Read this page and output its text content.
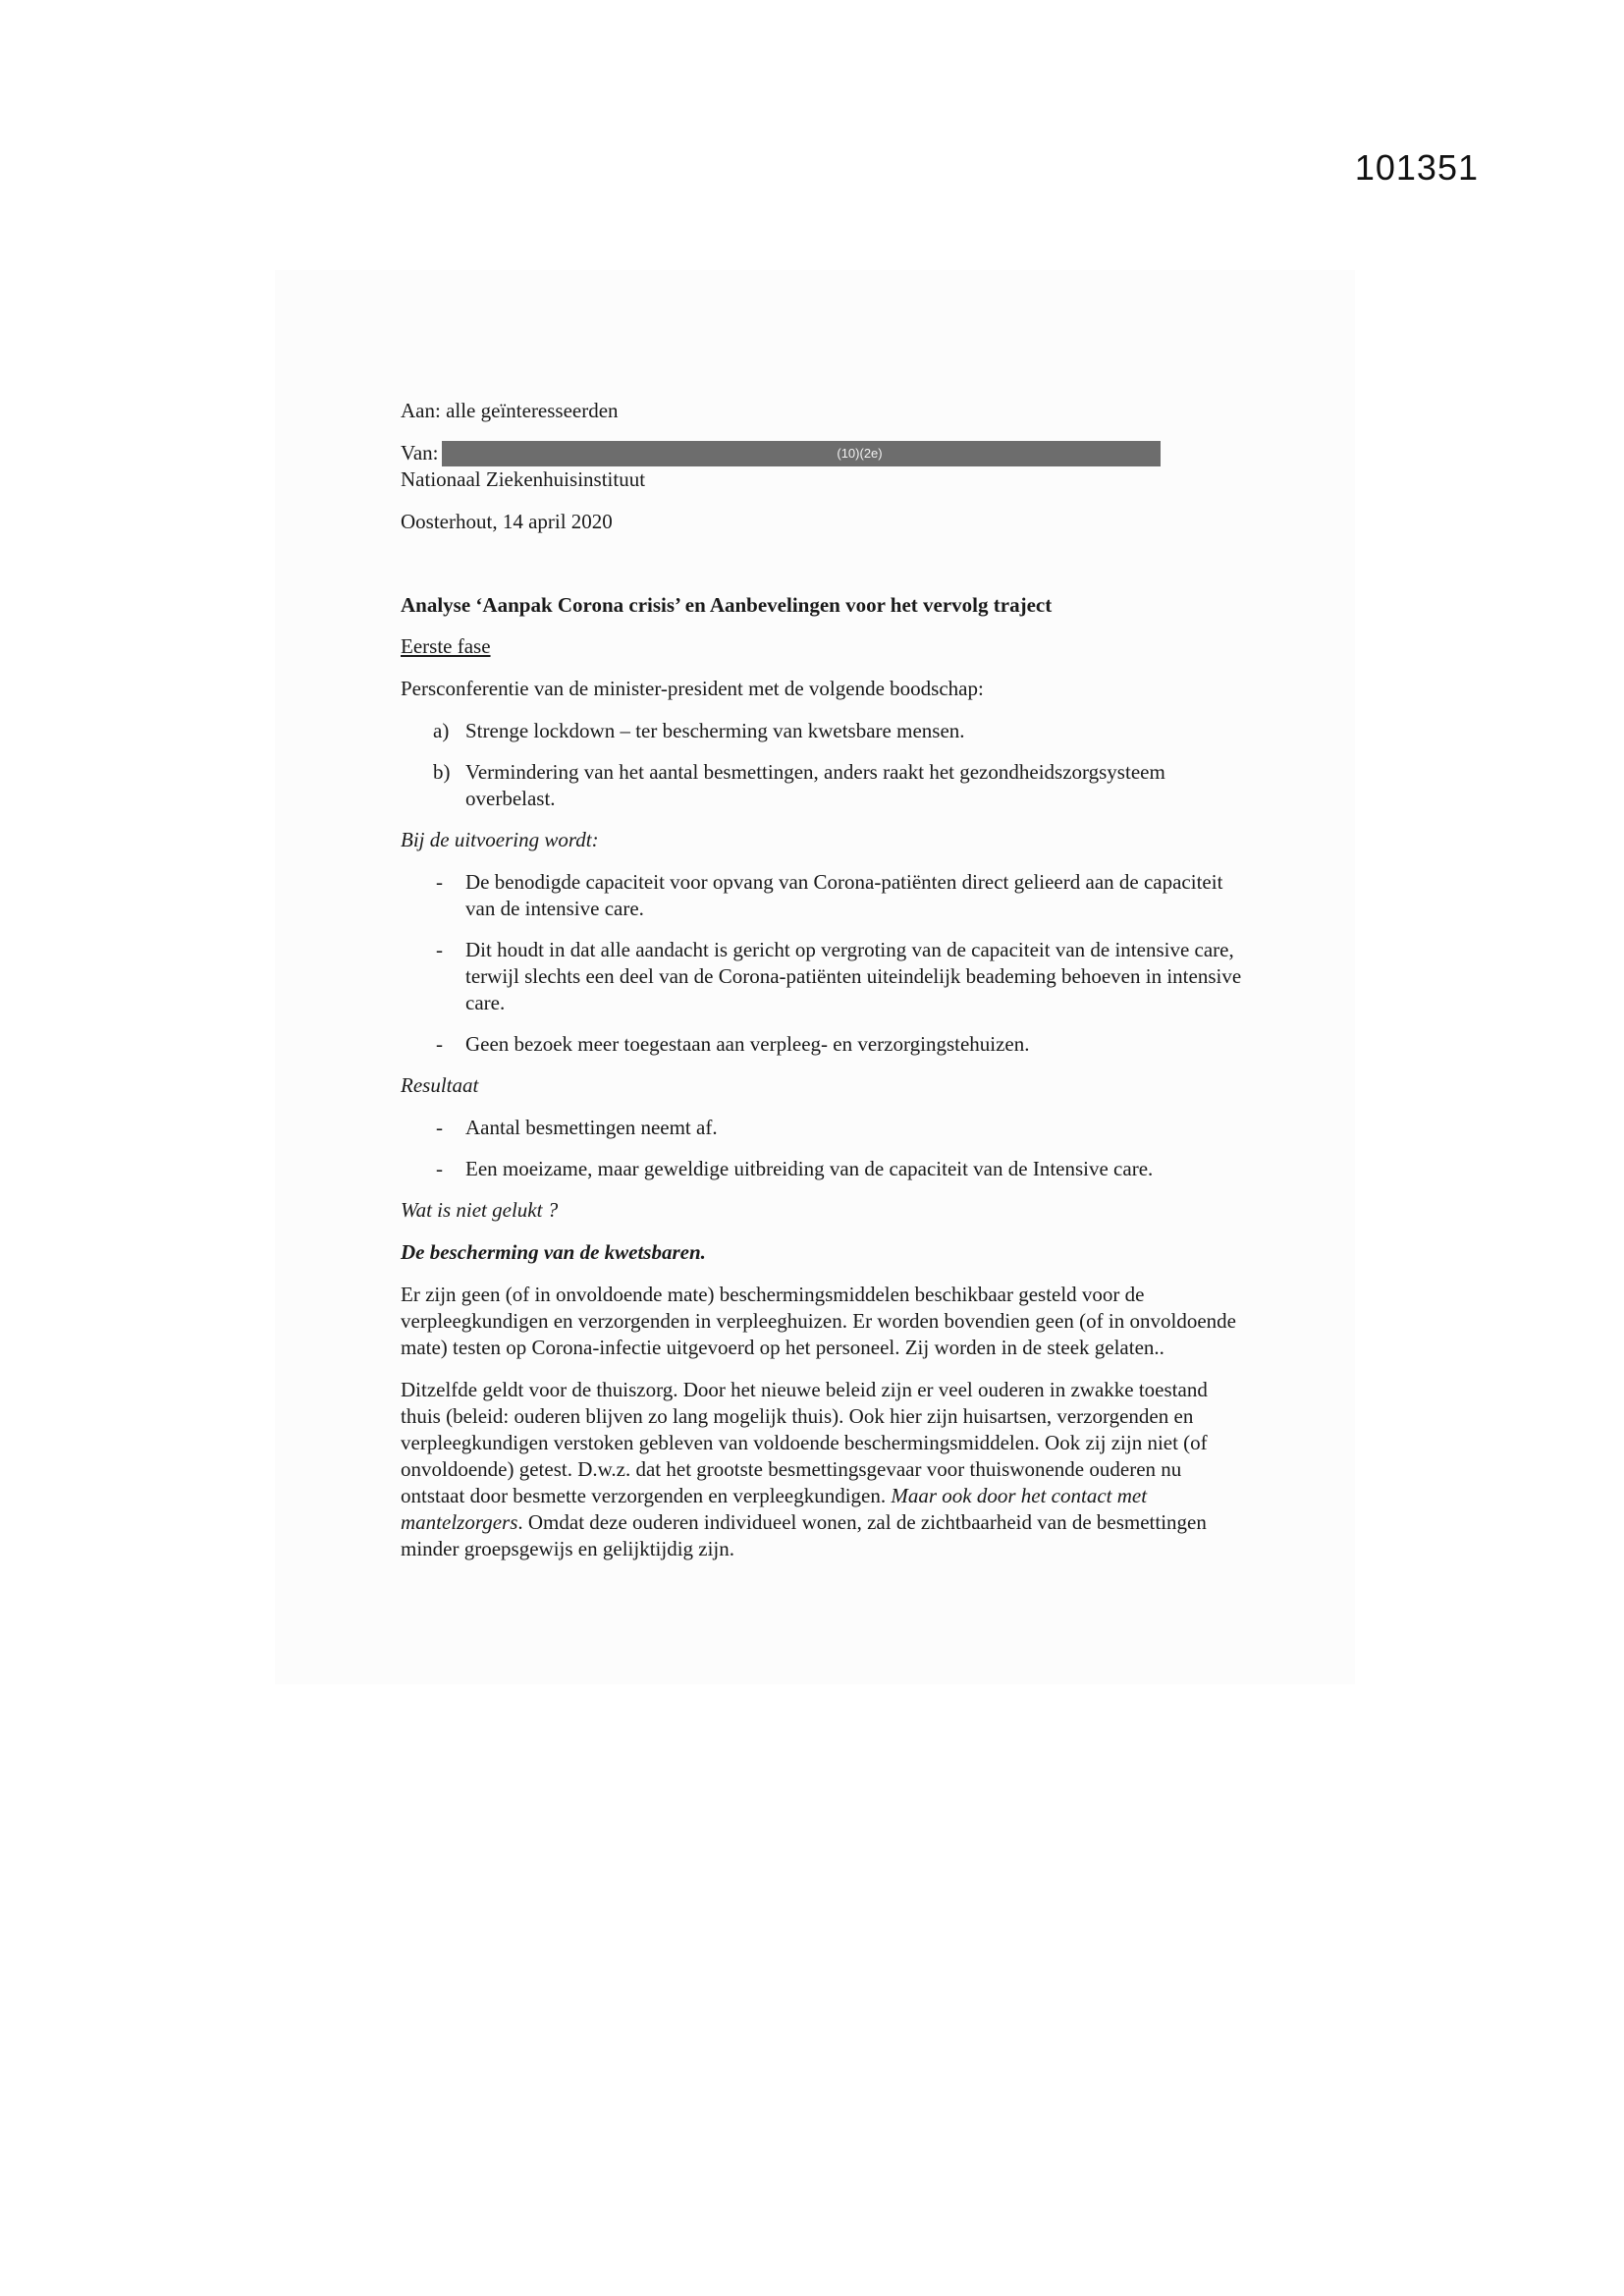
101351

Aan: alle geïnteresseerden

Van:	(10)(2e)

Nationaal Ziekenhuisinstituut

Oosterhout, 14 april 2020

Analyse ‘Aanpak Corona crisis’ en Aanbevelingen voor het vervolg traject

Eerste fase

Persconferentie van de minister-president met de volgende boodschap:

a) Strenge lockdown – ter bescherming van kwetsbare mensen.
b) Vermindering van het aantal besmettingen, anders raakt het gezondheidszorgsysteem overbelast.

Bij de uitvoering wordt:

- De benodigde capaciteit voor opvang van Corona-patiënten direct gelieerd aan de capaciteit van de intensive care.
- Dit houdt in dat alle aandacht is gericht op vergroting van de capaciteit van de intensive care, terwijl slechts een deel van de Corona-patiënten uiteindelijk beademing behoeven in intensive care.
- Geen bezoek meer toegestaan aan verpleeg- en verzorgingstehuizen.

Resultaat

- Aantal besmettingen neemt af.
- Een moeizame, maar geweldige uitbreiding van de capaciteit van de Intensive care.

Wat is niet gelukt ?

De bescherming van de kwetsbaren.

Er zijn geen (of in onvoldoende mate) beschermingsmiddelen beschikbaar gesteld voor de verpleegkundigen en verzorgenden in verpleeghuizen. Er worden bovendien geen (of in onvoldoende mate) testen op Corona-infectie uitgevoerd op het personeel. Zij worden in de steek gelaten..

Ditzelfde geldt voor de thuiszorg. Door het nieuwe beleid zijn er veel ouderen in zwakke toestand thuis (beleid: ouderen blijven zo lang mogelijk thuis). Ook hier zijn huisartsen, verzorgenden en verpleegkundigen verstoken gebleven van voldoende beschermingsmiddelen. Ook zij zijn niet (of onvoldoende) getest. D.w.z. dat het grootste besmettingsgevaar voor thuiswonende ouderen nu ontstaat door besmette verzorgenden en verpleegkundigen. Maar ook door het contact met mantelzorgers. Omdat deze ouderen individueel wonen, zal de zichtbaarheid van de besmettingen minder groepsgewijs en gelijktijdig zijn.
